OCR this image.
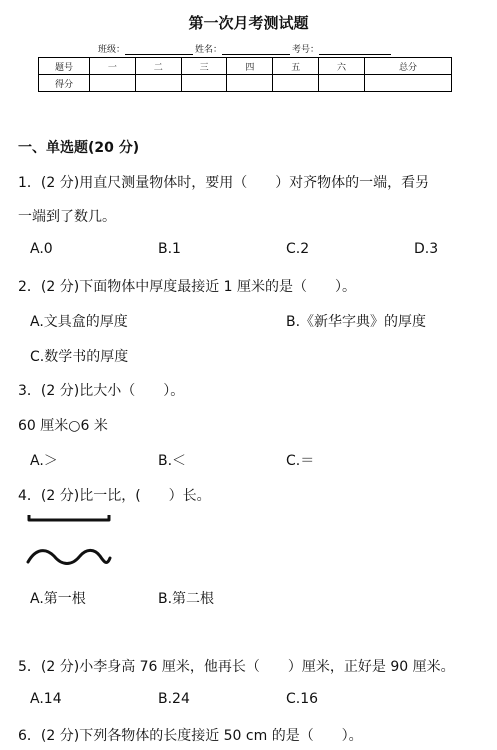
第一次月考测试题
班级：	姓名：	考号：
题号	一	二	三	四	五	六	总分
得分							
一、单选题(20 分)
1．(2 分)用直尺测量物体时，要用（　　）对齐物体的一端，看另
一端到了数几。
A.0	B.1	C.2	D.3
2．(2 分)下面物体中厚度最接近 1 厘米的是（　　）。
A.文具盒的厚度	B.《新华字典》的厚度
C.数学书的厚度
3．(2 分)比大小（　　）。
60 厘米○6 米
A.＞	B.＜	C.＝
4．(2 分)比一比，(　　）长。
A.第一根	B.第二根
5．(2 分)小李身高 76 厘米，他再长（　　）厘米，正好是 90 厘米。
A.14	B.24	C.16
6．(2 分)下列各物体的长度接近 50 cm 的是（　　）。
